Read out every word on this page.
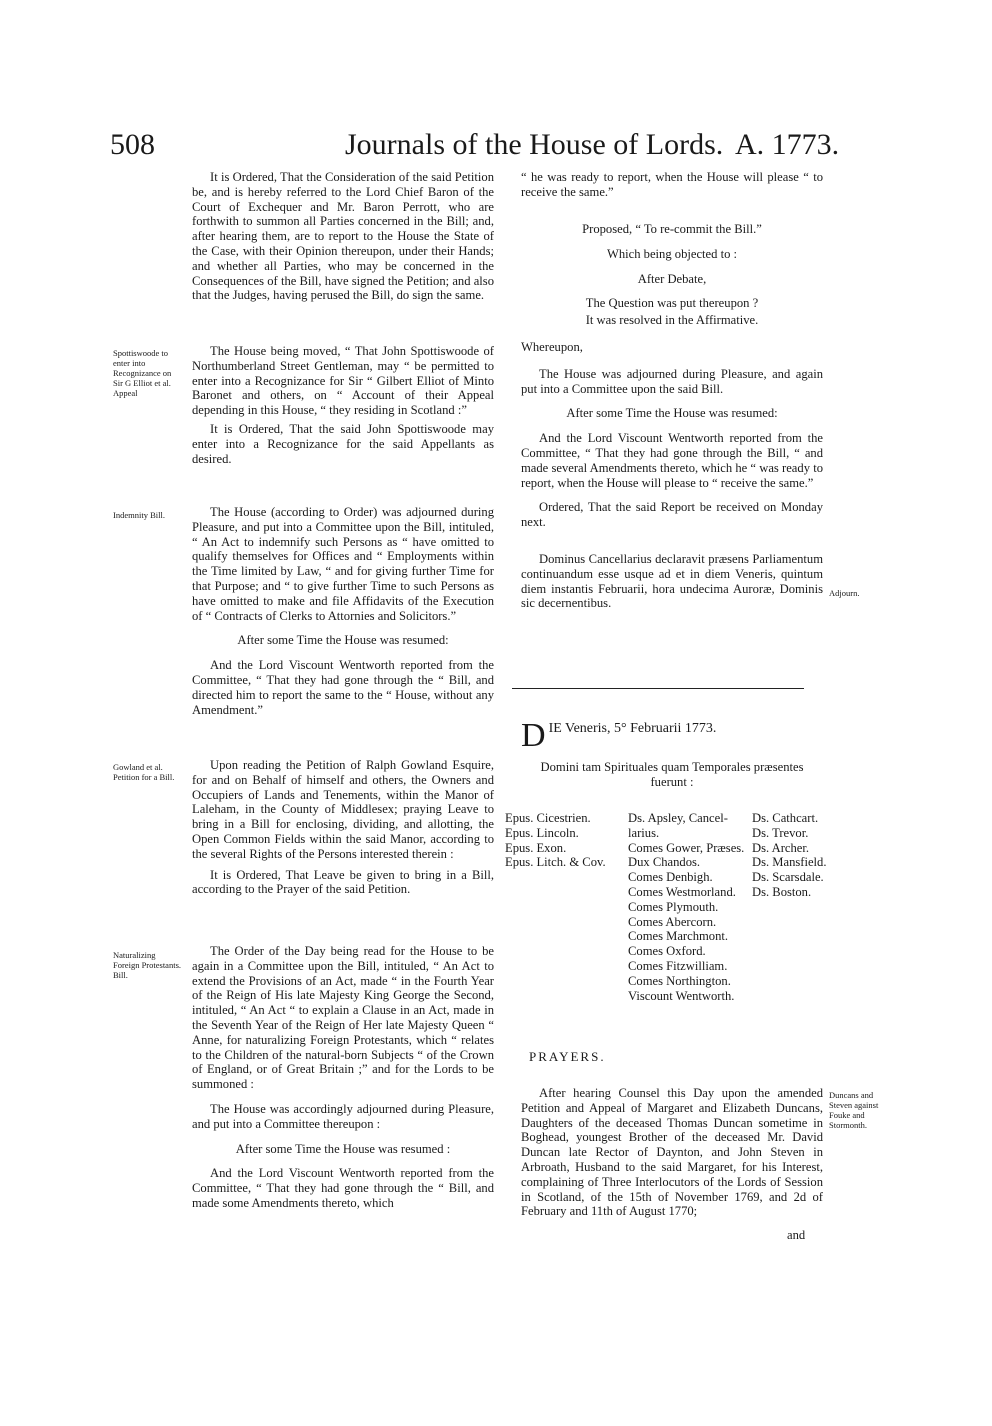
508	Journals of the House of Lords. A. 1773.

It is Ordered, That the Consideration of the said Petition be, and is hereby referred to the Lord Chief Baron of the Court of Exchequer and Mr. Baron Perrott, who are forthwith to summon all Parties concerned in the Bill; and, after hearing them, are to report to the House the State of the Case, with their Opinion thereupon, under their Hands; and whether all Parties, who may be concerned in the Consequences of the Bill, have signed the Petition; and also that the Judges, having perused the Bill, do sign the same.

The House being moved, “ That John Spottiswoode of Northumberland Street Gentleman, may “ be permitted to enter into a Recognizance for Sir “ Gilbert Elliot of Minto Baronet and others, on “ Account of their Appeal depending in this House, “ they residing in Scotland :”

It is Ordered, That the said John Spottiswoode may enter into a Recognizance for the said Appellants as desired.

The House (according to Order) was adjourned during Pleasure, and put into a Committee upon the Bill, intituled, “ An Act to indemnify such Persons as “ have omitted to qualify themselves for Offices and “ Employments within the Time limited by Law, “ and for giving further Time for that Purpose; and “ to give further Time to such Persons as have omitted to make and file Affidavits of the Execution of “ Contracts of Clerks to Attornies and Solicitors.”

After some Time the House was resumed:

And the Lord Viscount Wentworth reported from the Committee, “ That they had gone through the “ Bill, and directed him to report the same to the “ House, without any Amendment.”

Upon reading the Petition of Ralph Gowland Esquire, for and on Behalf of himself and others, the Owners and Occupiers of Lands and Tenements, within the Manor of Laleham, in the County of Middlesex; praying Leave to bring in a Bill for enclosing, dividing, and allotting, the Open Common Fields within the said Manor, according to the several Rights of the Persons interested therein :

It is Ordered, That Leave be given to bring in a Bill, according to the Prayer of the said Petition.

The Order of the Day being read for the House to be again in a Committee upon the Bill, intituled, “ An Act to extend the Provisions of an Act, made “ in the Fourth Year of the Reign of His late Majesty King George the Second, intituled, “ An Act “ to explain a Clause in an Act, made in the Seventh Year of the Reign of Her late Majesty Queen “ Anne, for naturalizing Foreign Protestants, which “ relates to the Children of the natural-born Subjects “ of the Crown of England, or of Great Britain ;” and for the Lords to be summoned :

The House was accordingly adjourned during Pleasure, and put into a Committee thereupon :

After some Time the House was resumed :

And the Lord Viscount Wentworth reported from the Committee, “ That they had gone through the “ Bill, and made some Amendments thereto, which

Spottiswoode to enter into Recognizance on Sir G Elliot et al. Appeal
Indemnity Bill.
Gowland et al. Petition for a Bill.
Naturalizing Foreign Protestants. Bill.
Adjourn.
Duncans and Steven against Fouke and Stormonth.

“ he was ready to report, when the House will please “ to receive the same.”

Proposed, “ To re-commit the Bill.”

Which being objected to :

After Debate,

The Question was put thereupon ?

It was resolved in the Affirmative.

Whereupon,

The House was adjourned during Pleasure, and again put into a Committee upon the said Bill.

After some Time the House was resumed:

And the Lord Viscount Wentworth reported from the Committee, “ That they had gone through the Bill, “ and made several Amendments thereto, which he “ was ready to report, when the House will please to “ receive the same.”

Ordered, That the said Report be received on Monday next.

Dominus Cancellarius declaravit præsens Parliamentum continuandum esse usque ad et in diem Veneris, quintum diem instantis Februarii, hora undecima Auroræ, Dominis sic decernentibus.

D IE Veneris, 5° Februarii 1773.

Domini tam Spirituales quam Temporales præsentes fuerunt :

Epus. Cicestrien.
Epus. Lincoln.
Epus. Exon.
Epus. Litch. & Cov.
Ds. Apsley, Cancel-
larius.
Comes Gower, Præses.
Dux Chandos.
Comes Denbigh.
Comes Westmorland.
Comes Plymouth.
Comes Abercorn.
Comes Marchmont.
Comes Oxford.
Comes Fitzwilliam.
Comes Northington.
Viscount Wentworth.
Ds. Cathcart.
Ds. Trevor.
Ds. Archer.
Ds. Mansfield.
Ds. Scarsdale.
Ds. Boston.
PRAYERS.

After hearing Counsel this Day upon the amended Petition and Appeal of Margaret and Elizabeth Duncans, Daughters of the deceased Thomas Duncan sometime in Boghead, youngest Brother of the deceased Mr. David Duncan late Rector of Daynton, and John Steven in Arbroath, Husband to the said Margaret, for his Interest, complaining of Three Interlocutors of the Lords of Session in Scotland, of the 15th of November 1769, and 2d of February and 11th of August 1770;

and
